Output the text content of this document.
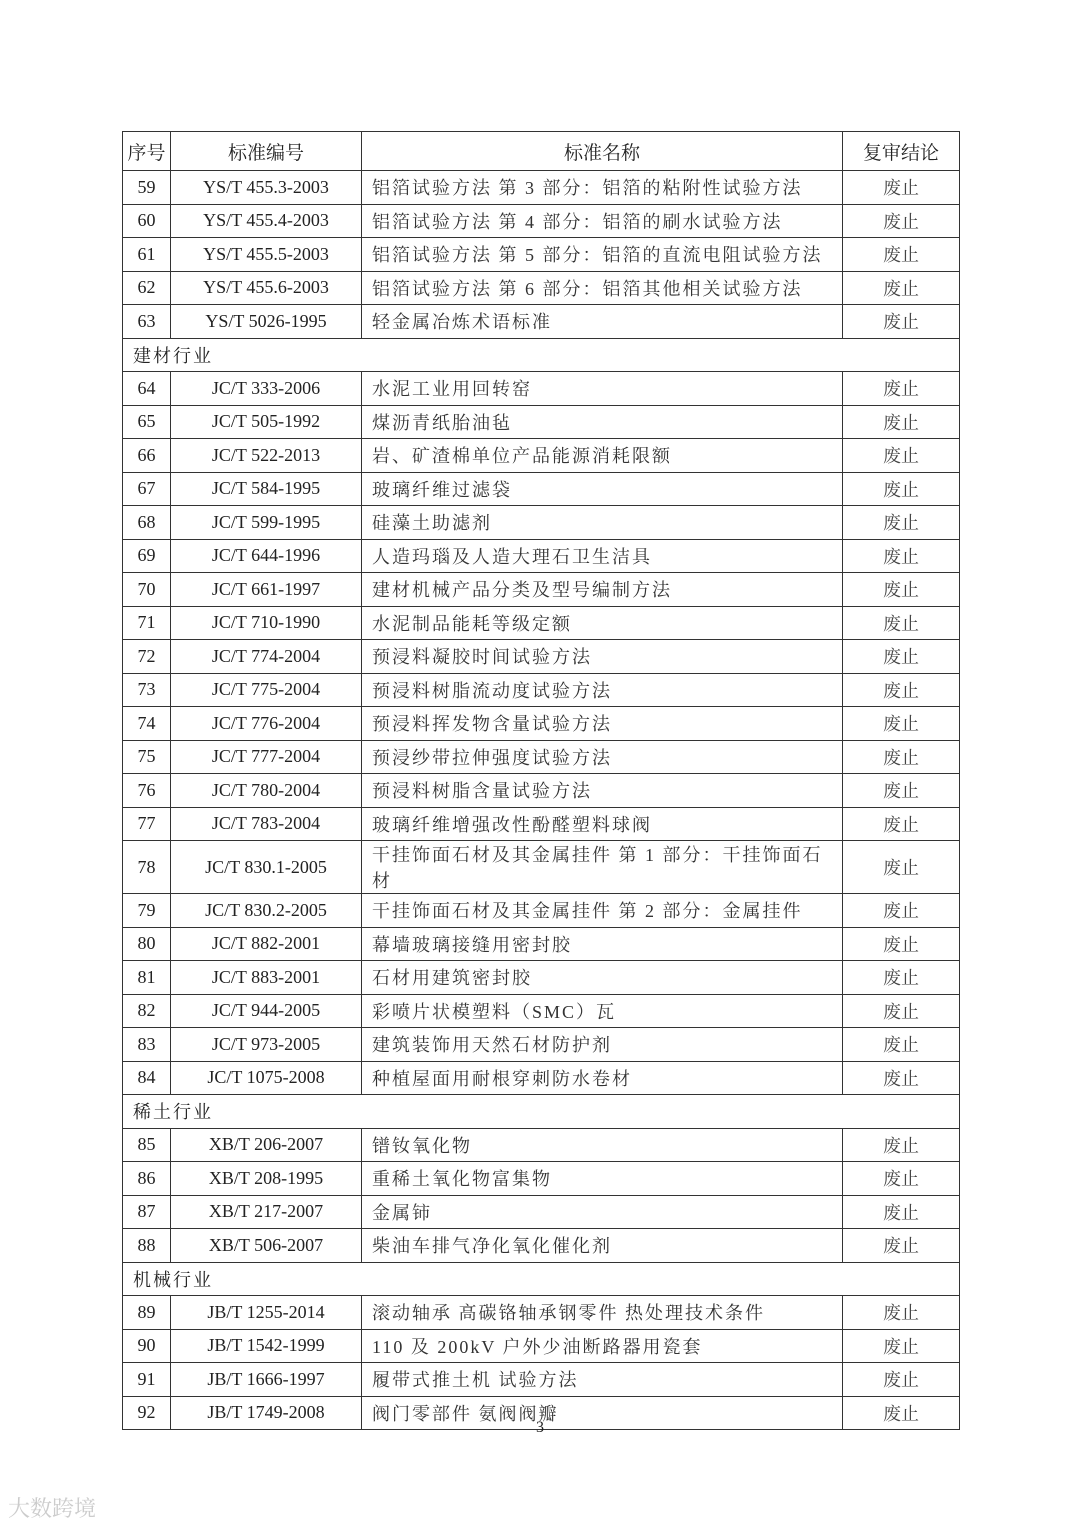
序号	标准编号	标准名称	复审结论
59	YS/T 455.3-2003	铝箔试验方法 第 3 部分：铝箔的粘附性试验方法	废止
60	YS/T 455.4-2003	铝箔试验方法 第 4 部分：铝箔的刷水试验方法	废止
61	YS/T 455.5-2003	铝箔试验方法 第 5 部分：铝箔的直流电阻试验方法	废止
62	YS/T 455.6-2003	铝箔试验方法 第 6 部分：铝箔其他相关试验方法	废止
63	YS/T 5026-1995	轻金属冶炼术语标准	废止
建材行业			
64	JC/T 333-2006	水泥工业用回转窑	废止
65	JC/T 505-1992	煤沥青纸胎油毡	废止
66	JC/T 522-2013	岩、矿渣棉单位产品能源消耗限额	废止
67	JC/T 584-1995	玻璃纤维过滤袋	废止
68	JC/T 599-1995	硅藻土助滤剂	废止
69	JC/T 644-1996	人造玛瑙及人造大理石卫生洁具	废止
70	JC/T 661-1997	建材机械产品分类及型号编制方法	废止
71	JC/T 710-1990	水泥制品能耗等级定额	废止
72	JC/T 774-2004	预浸料凝胶时间试验方法	废止
73	JC/T 775-2004	预浸料树脂流动度试验方法	废止
74	JC/T 776-2004	预浸料挥发物含量试验方法	废止
75	JC/T 777-2004	预浸纱带拉伸强度试验方法	废止
76	JC/T 780-2004	预浸料树脂含量试验方法	废止
77	JC/T 783-2004	玻璃纤维增强改性酚醛塑料球阀	废止
78	JC/T 830.1-2005	干挂饰面石材及其金属挂件 第 1 部分：干挂饰面石材	废止
79	JC/T 830.2-2005	干挂饰面石材及其金属挂件 第 2 部分：金属挂件	废止
80	JC/T 882-2001	幕墙玻璃接缝用密封胶	废止
81	JC/T 883-2001	石材用建筑密封胶	废止
82	JC/T 944-2005	彩喷片状模塑料（SMC）瓦	废止
83	JC/T 973-2005	建筑装饰用天然石材防护剂	废止
84	JC/T 1075-2008	种植屋面用耐根穿刺防水卷材	废止
稀土行业			
85	XB/T 206-2007	镨钕氧化物	废止
86	XB/T 208-1995	重稀土氧化物富集物	废止
87	XB/T 217-2007	金属铈	废止
88	XB/T 506-2007	柴油车排气净化氧化催化剂	废止
机械行业			
89	JB/T 1255-2014	滚动轴承 高碳铬轴承钢零件 热处理技术条件	废止
90	JB/T 1542-1999	110 及 200kV 户外少油断路器用瓷套	废止
91	JB/T 1666-1997	履带式推土机 试验方法	废止
92	JB/T 1749-2008	阀门零部件 氨阀阀瓣	废止
3
大数跨境
